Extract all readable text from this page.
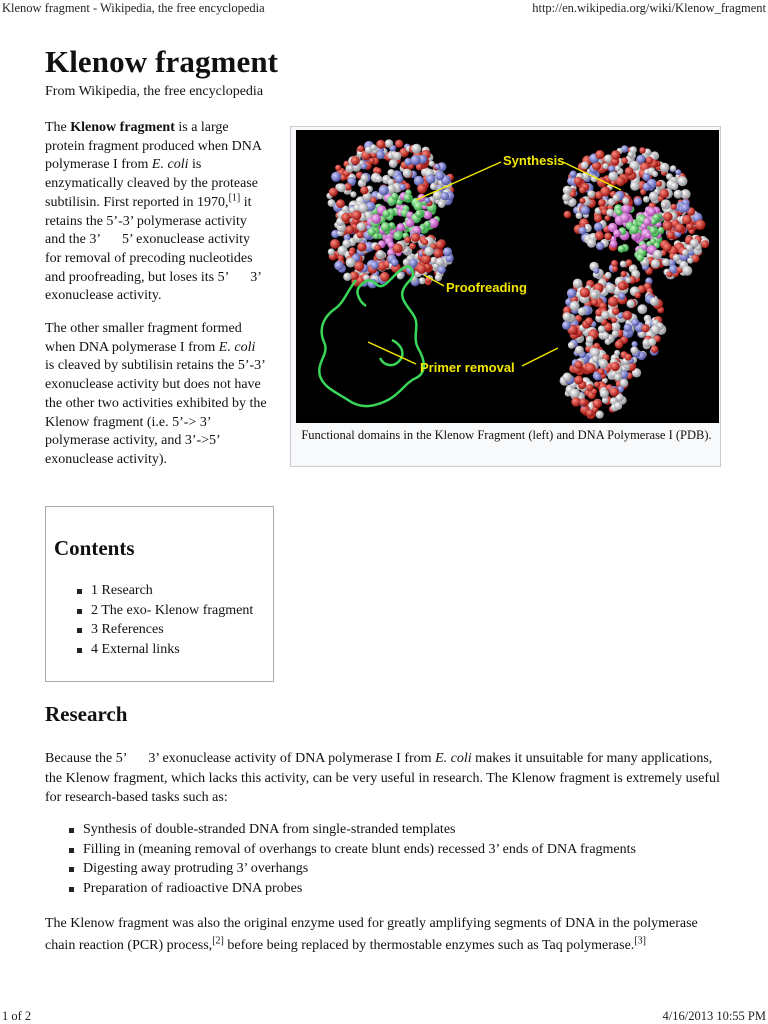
Klenow fragment - Wikipedia, the free encyclopedia	http://en.wikipedia.org/wiki/Klenow_fragment
Klenow fragment
From Wikipedia, the free encyclopedia

The Klenow fragment is a large protein fragment produced when DNA polymerase I from E. coli is enzymatically cleaved by the protease subtilisin. First reported in 1970,[1] it retains the 5’-3’ polymerase activity and the 3’      5’ exonuclease activity for removal of precoding nucleotides and proofreading, but loses its 5’      3’ exonuclease activity.

The other smaller fragment formed when DNA polymerase I from E. coli is cleaved by subtilisin retains the 5’-3’ exonuclease activity but does not have the other two activities exhibited by the Klenow fragment (i.e. 5’-> 3’ polymerase activity, and 3’->5’ exonuclease activity).

Synthesis
Proofreading
Primer removal
Functional domains in the Klenow Fragment (left) and DNA Polymerase I (PDB).
Contents
1 Research
2 The exo- Klenow fragment
3 References
4 External links
Research
Because the 5’      3’ exonuclease activity of DNA polymerase I from E. coli makes it unsuitable for many applications, the Klenow fragment, which lacks this activity, can be very useful in research. The Klenow fragment is extremely useful for research-based tasks such as:
Synthesis of double-stranded DNA from single-stranded templates
Filling in (meaning removal of overhangs to create blunt ends) recessed 3’ ends of DNA fragments
Digesting away protruding 3’ overhangs
Preparation of radioactive DNA probes
The Klenow fragment was also the original enzyme used for greatly amplifying segments of DNA in the polymerase chain reaction (PCR) process,[2] before being replaced by thermostable enzymes such as Taq polymerase.[3]
1 of 2	4/16/2013 10:55 PM
